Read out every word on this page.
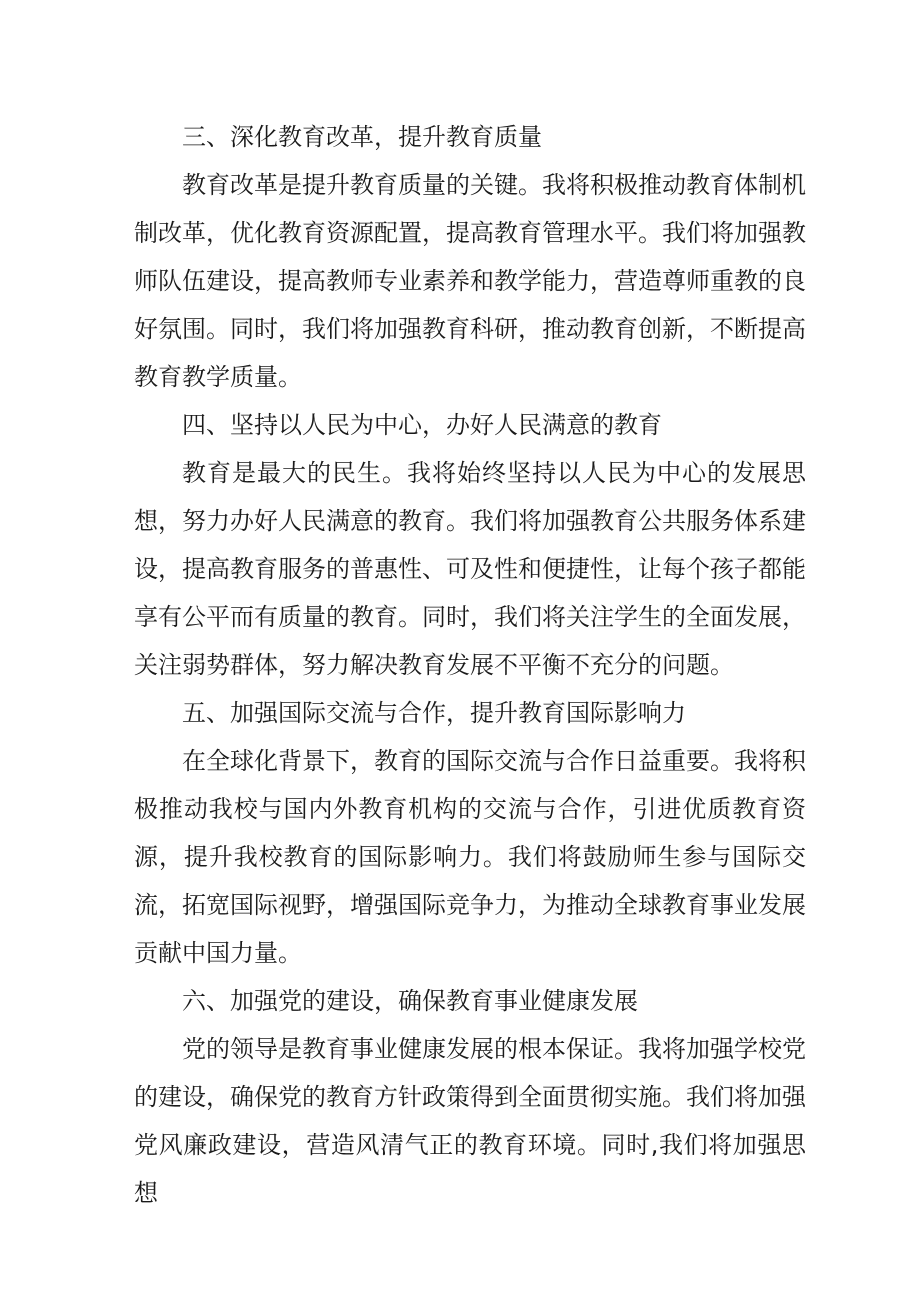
三、深化教育改革，提升教育质量

教育改革是提升教育质量的关键。我将积极推动教育体制机制改革，优化教育资源配置，提高教育管理水平。我们将加强教师队伍建设，提高教师专业素养和教学能力，营造尊师重教的良好氛围。同时，我们将加强教育科研，推动教育创新，不断提高教育教学质量。

四、坚持以人民为中心，办好人民满意的教育

教育是最大的民生。我将始终坚持以人民为中心的发展思想，努力办好人民满意的教育。我们将加强教育公共服务体系建设，提高教育服务的普惠性、可及性和便捷性，让每个孩子都能享有公平而有质量的教育。同时，我们将关注学生的全面发展，关注弱势群体，努力解决教育发展不平衡不充分的问题。

五、加强国际交流与合作，提升教育国际影响力

在全球化背景下，教育的国际交流与合作日益重要。我将积极推动我校与国内外教育机构的交流与合作，引进优质教育资源，提升我校教育的国际影响力。我们将鼓励师生参与国际交流，拓宽国际视野，增强国际竞争力，为推动全球教育事业发展贡献中国力量。

六、加强党的建设，确保教育事业健康发展

党的领导是教育事业健康发展的根本保证。我将加强学校党的建设，确保党的教育方针政策得到全面贯彻实施。我们将加强党风廉政建设，营造风清气正的教育环境。同时,我们将加强思想
